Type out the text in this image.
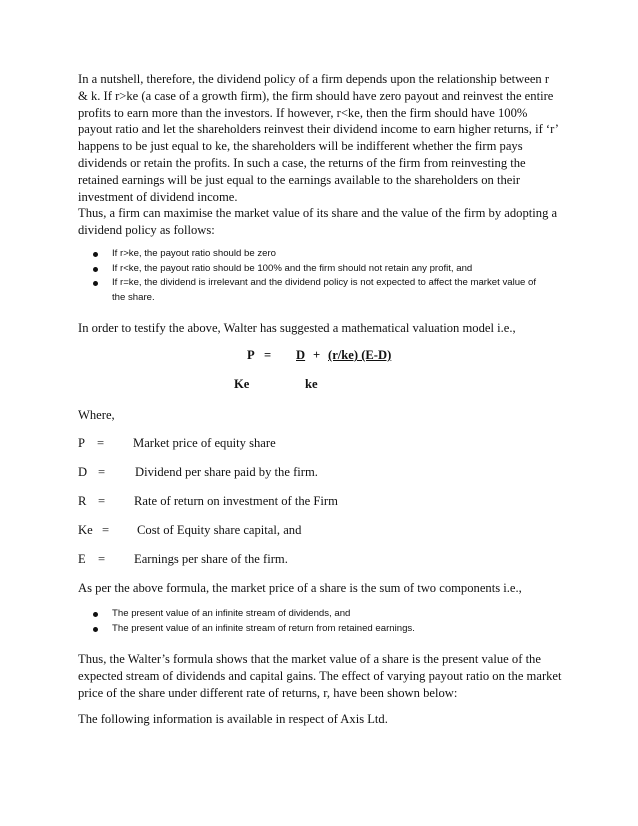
In a nutshell, therefore, the dividend policy of a firm depends upon the relationship between r & k. If r>ke (a case of a growth firm), the firm should have zero payout and reinvest the entire profits to earn more than the investors. If however, r<ke, then the firm should have 100% payout ratio and let the shareholders reinvest their dividend income to earn higher returns, if ‘r’ happens to be just equal to ke, the shareholders will be indifferent whether the firm pays dividends or retain the profits. In such a case, the returns of the firm from reinvesting the retained earnings will be just equal to the earnings available to the shareholders on their investment of dividend income.

Thus, a firm can maximise the market value of its share and the value of the firm by adopting a dividend policy as follows:

If r>ke, the payout ratio should be zero
If r<ke, the payout ratio should be 100% and the firm should not retain any profit, and
If r=ke, the dividend is irrelevant and the dividend policy is not expected to affect the market value of the share.

In order to testify the above, Walter has suggested a mathematical valuation model i.e.,

P = D + (r/ke) (E-D)
Ke	ke

Where,

P = Market price of equity share
D = Dividend per share paid by the firm.
R = Rate of return on investment of the Firm
Ke = Cost of Equity share capital, and
E = Earnings per share of the firm.

As per the above formula, the market price of a share is the sum of two components i.e.,

The present value of an infinite stream of dividends, and
The present value of an infinite stream of return from retained earnings.

Thus, the Walter’s formula shows that the market value of a share is the present value of the expected stream of dividends and capital gains. The effect of varying payout ratio on the market price of the share under different rate of returns, r, have been shown below:

The following information is available in respect of Axis Ltd.
